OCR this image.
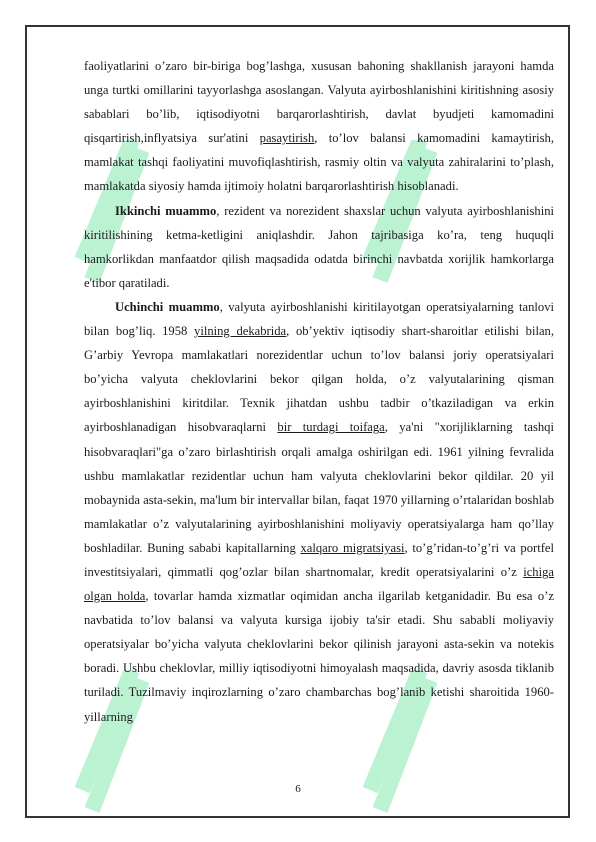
faoliyatlarini o’zaro bir-biriga bog’lashga, xususan bahoning shakllanish jarayoni hamda unga turtki omillarini tayyorlashga asoslangan. Valyuta ayirboshlanishini kiritishning asosiy sabablari bo’lib, iqtisodiyotni barqarorlashtirish, davlat byudjeti kamomadini qisqartirish,inflyatsiya sur'atini pasaytirish, to’lov balansi kamomadini kamaytirish, mamlakat tashqi faoliyatini muvofiqlashtirish, rasmiy oltin va valyuta zahiralarini to’plash, mamlakatda siyosiy hamda ijtimoiy holatni barqarorlashtirish hisoblanadi.

Ikkinchi muammo, rezident va norezident shaxslar uchun valyuta ayirboshlanishini kiritilishining ketma-ketligini aniqlashdir. Jahon tajribasiga ko’ra, teng huquqli hamkorlikdan manfaatdor qilish maqsadida odatda birinchi navbatda xorijlik hamkorlarga e'tibor qaratiladi.

Uchinchi muammo, valyuta ayirboshlanishi kiritilayotgan operatsiyalarning tanlovi bilan bog’liq. 1958 yilning dekabrida, ob’yektiv iqtisodiy shart-sharoitlar etilishi bilan, G’arbiy Yevropa mamlakatlari norezidentlar uchun to’lov balansi joriy operatsiyalari bo’yicha valyuta cheklovlarini bekor qilgan holda, o’z valyutalarining qisman ayirboshlanishini kiritdilar. Texnik jihatdan ushbu tadbir o’tkaziladigan va erkin ayirboshlanadigan hisobvaraqlarni bir turdagi toifaga, ya'ni "xorijliklarning tashqi hisobvaraqlari"ga o’zaro birlashtirish orqali amalga oshirilgan edi. 1961 yilning fevralida ushbu mamlakatlar rezidentlar uchun ham valyuta cheklovlarini bekor qildilar. 20 yil mobaynida asta-sekin, ma'lum bir intervallar bilan, faqat 1970 yillarning o’rtalaridan boshlab mamlakatlar o’z valyutalarining ayirboshlanishini moliyaviy operatsiyalarga ham qo’llay boshladilar. Buning sababi kapitallarning xalqaro migratsiyasi, to’g’ridan-to’g’ri va portfel investitsiyalari, qimmatli qog’ozlar bilan shartnomalar, kredit operatsiyalarini o’z ichiga olgan holda, tovarlar hamda xizmatlar oqimidan ancha ilgarilab ketganidadir. Bu esa o’z navbatida to’lov balansi va valyuta kursiga ijobiy ta'sir etadi. Shu sababli moliyaviy operatsiyalar bo’yicha valyuta cheklovlarini bekor qilinish jarayoni asta-sekin va notekis boradi. Ushbu cheklovlar, milliy iqtisodiyotni himoyalash maqsadida, davriy asosda tiklanib turiladi. Tuzilmaviy inqirozlarning o’zaro chambarchas bog’lanib ketishi sharoitida 1960-yillarning

6
